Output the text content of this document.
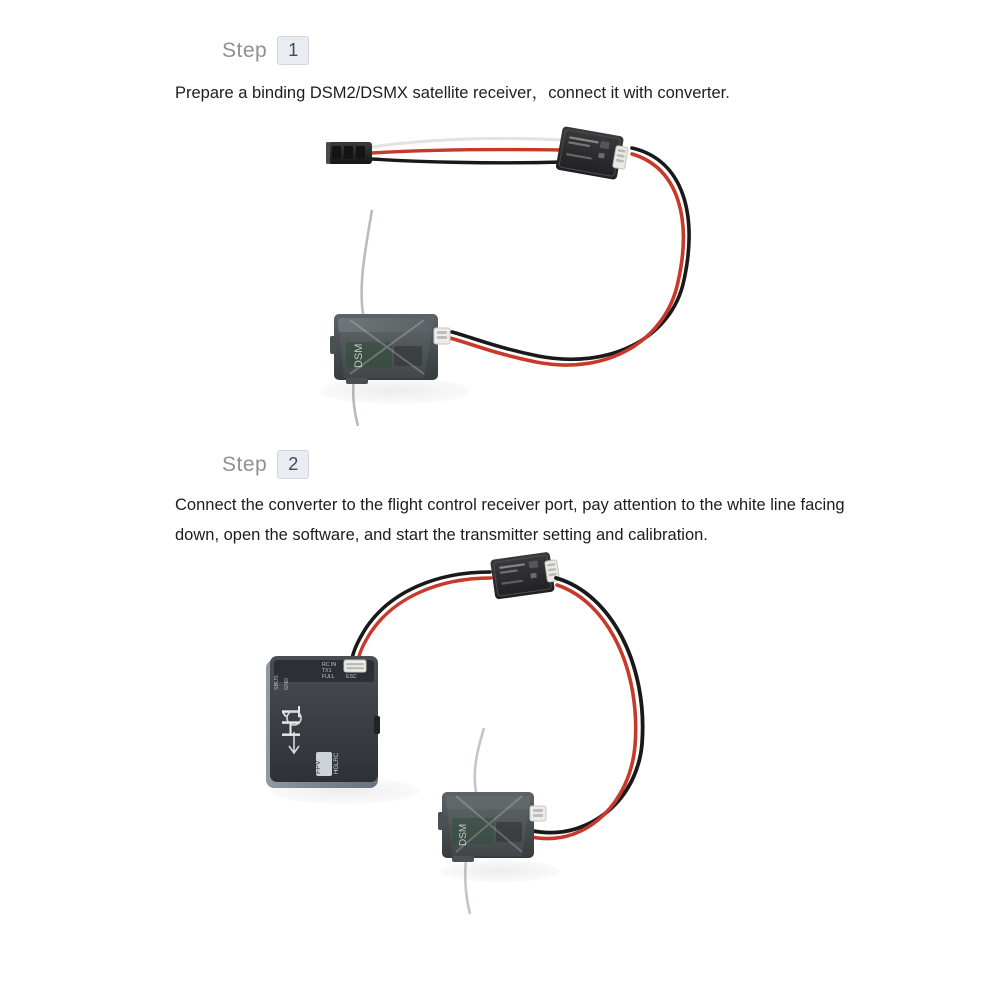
Step	1
Prepare a binding DSM2/DSMX satellite receiver，connect it with converter.
DSM
Step	2
Connect the converter to the flight control receiver port, pay attention to the white line facing down, open the software, and start the transmitter setting and calibration.
RC IN
TX1
FULL ESC
SBUS GND
H1
FPV HGLRC
DSM
